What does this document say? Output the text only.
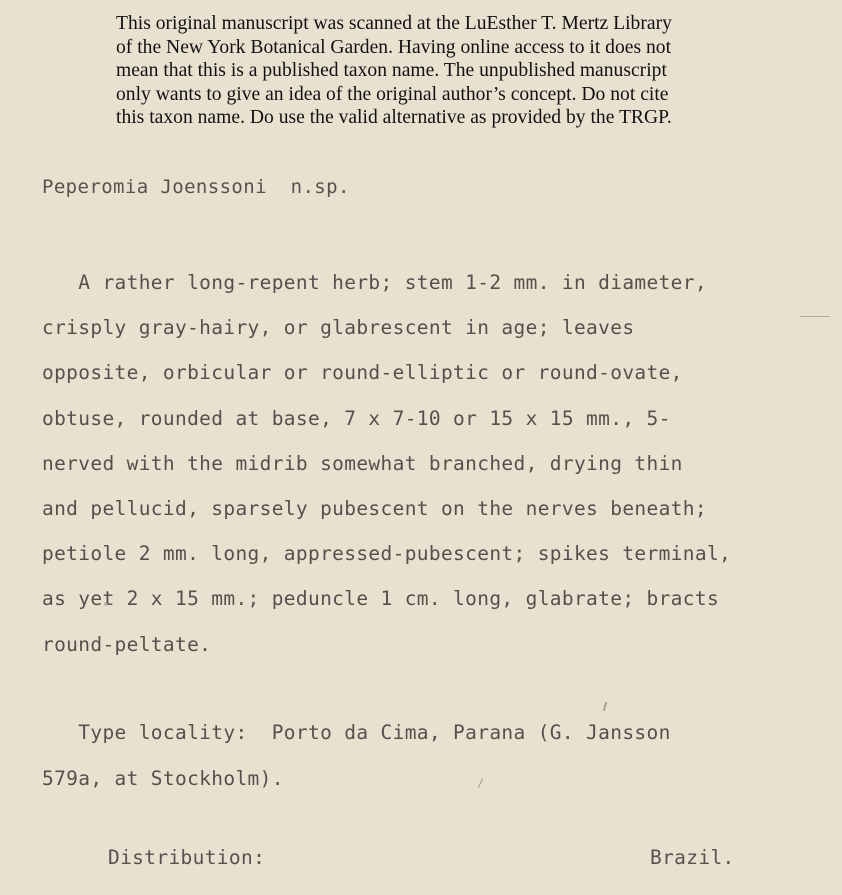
This original manuscript was scanned at the LuEsther T. Mertz Library
of the New York Botanical Garden. Having online access to it does not
mean that this is a published taxon name. The unpublished manuscript
only wants to give an idea of the original author’s concept. Do not cite
this taxon name. Do use the valid alternative as provided by the TRGP.
Peperomia Joenssoni  n.sp.
A rather long-repent herb; stem 1-2 mm. in diameter,
crisply gray-hairy, or glabrescent in age; leaves
opposite, orbicular or round-elliptic or round-ovate,
obtuse, rounded at base, 7 x 7-10 or 15 x 15 mm., 5-
nerved with the midrib somewhat branched, drying thin
and pellucid, sparsely pubescent on the nerves beneath;
petiole 2 mm. long, appressed-pubescent; spikes terminal,
as yet 2 x 15 mm.; peduncle 1 cm. long, glabrate; bracts
round-peltate.
Type locality:  Porto da Cima, Parana (G. Jansson
579a, at Stockholm).
Distribution:	Brazil.
